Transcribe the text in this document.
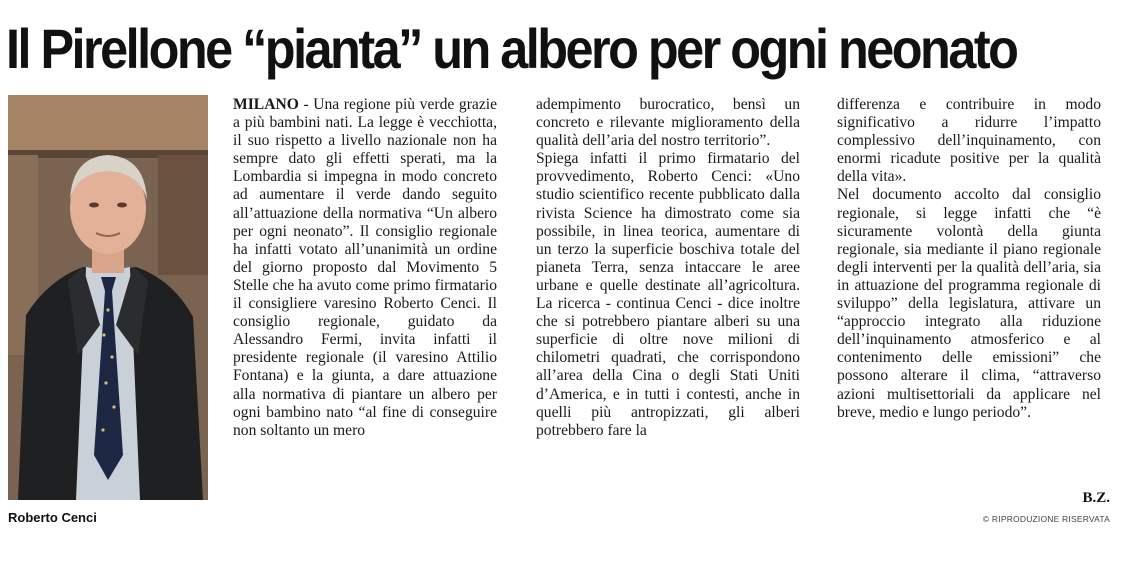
Il Pirellone “pianta” un albero per ogni neonato
Roberto Cenci

MILANO - Una regione più verde grazie a più bambini nati. La legge è vecchiotta, il suo rispetto a livello nazionale non ha sempre dato gli effetti sperati, ma la Lombardia si impegna in modo concreto ad aumentare il verde dando seguito all’attuazione della normativa “Un albero per ogni neonato”. Il consiglio regionale ha infatti votato all’unanimità un ordine del giorno proposto dal Movimento 5 Stelle che ha avuto come primo firmatario il consigliere varesino Roberto Cenci. Il consiglio regionale, guidato da Alessandro Fermi, invita infatti il presidente regionale (il varesino Attilio Fontana) e la giunta, a dare attuazione alla normativa di piantare un albero per ogni bambino nato “al fine di conseguire non soltanto un mero

adempimento burocratico, bensì un concreto e rilevante miglioramento della qualità dell’aria del nostro territorio”.

Spiega infatti il primo firmatario del provvedimento, Roberto Cenci: «Uno studio scientifico recente pubblicato dalla rivista Science ha dimostrato come sia possibile, in linea teorica, aumentare di un terzo la superficie boschiva totale del pianeta Terra, senza intaccare le aree urbane e quelle destinate all’agricoltura. La ricerca - continua Cenci - dice inoltre che si potrebbero piantare alberi su una superficie di oltre nove milioni di chilometri quadrati, che corrispondono all’area della Cina o degli Stati Uniti d’America, e in tutti i contesti, anche in quelli più antropizzati, gli alberi potrebbero fare la

differenza e contribuire in modo significativo a ridurre l’impatto complessivo dell’inquinamento, con enormi ricadute positive per la qualità della vita».

Nel documento accolto dal consiglio regionale, si legge infatti che “è sicuramente volontà della giunta regionale, sia mediante il piano regionale degli interventi per la qualità dell’aria, sia in attuazione del programma regionale di sviluppo” della legislatura, attivare un “approccio integrato alla riduzione dell’inquinamento atmosferico e al contenimento delle emissioni” che possono alterare il clima, “attraverso azioni multisettoriali da applicare nel breve, medio e lungo periodo”.

B.Z.
© RIPRODUZIONE RISERVATA
